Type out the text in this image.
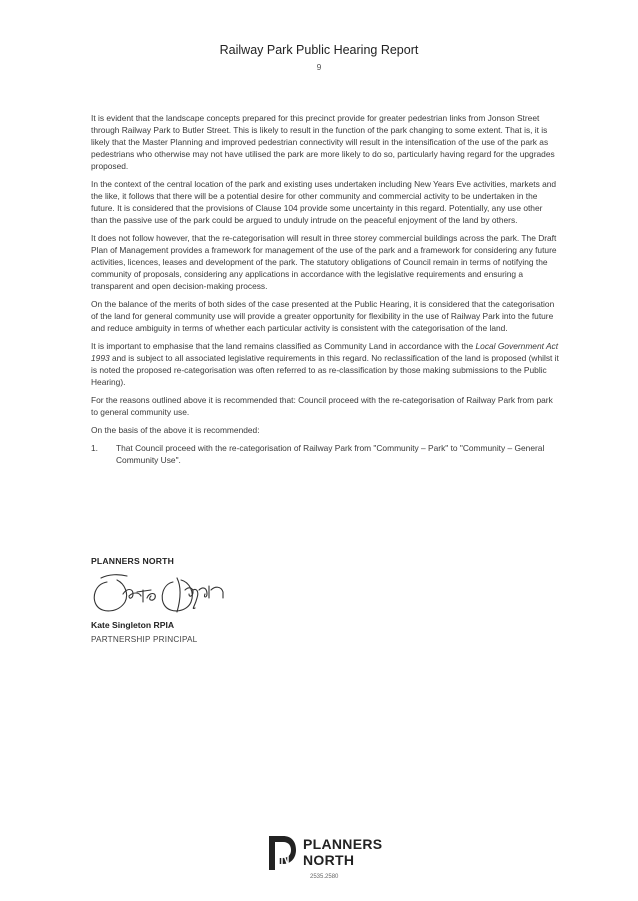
Railway Park Public Hearing Report
9

It is evident that the landscape concepts prepared for this precinct provide for greater pedestrian links from Jonson Street through Railway Park to Butler Street. This is likely to result in the function of the park changing to some extent. That is, it is likely that the Master Planning and improved pedestrian connectivity will result in the intensification of the use of the park as pedestrians who otherwise may not have utilised the park are more likely to do so, particularly having regard for the upgrades proposed.

In the context of the central location of the park and existing uses undertaken including New Years Eve activities, markets and the like, it follows that there will be a potential desire for other community and commercial activity to be undertaken in the future. It is considered that the provisions of Clause 104 provide some uncertainty in this regard. Potentially, any use other than the passive use of the park could be argued to unduly intrude on the peaceful enjoyment of the land by others.

It does not follow however, that the re-categorisation will result in three storey commercial buildings across the park. The Draft Plan of Management provides a framework for management of the use of the park and a framework for considering any future activities, licences, leases and development of the park. The statutory obligations of Council remain in terms of notifying the community of proposals, considering any applications in accordance with the legislative requirements and ensuring a transparent and open decision-making process.

On the balance of the merits of both sides of the case presented at the Public Hearing, it is considered that the categorisation of the land for general community use will provide a greater opportunity for flexibility in the use of Railway Park into the future and reduce ambiguity in terms of whether each particular activity is consistent with the categorisation of the land.

It is important to emphasise that the land remains classified as Community Land in accordance with the Local Government Act 1993 and is subject to all associated legislative requirements in this regard. No reclassification of the land is proposed (whilst it is noted the proposed re-categorisation was often referred to as re-classification by those making submissions to the Public Hearing).

For the reasons outlined above it is recommended that: Council proceed with the re-categorisation of Railway Park from park to general community use.

On the basis of the above it is recommended:

1.	That Council proceed with the re-categorisation of Railway Park from "Community – Park" to "Community – General Community Use".
PLANNERS NORTH
Kate Singleton RPIA
PARTNERSHIP PRINCIPAL
PLANNERS
NORTH
2535.2580
